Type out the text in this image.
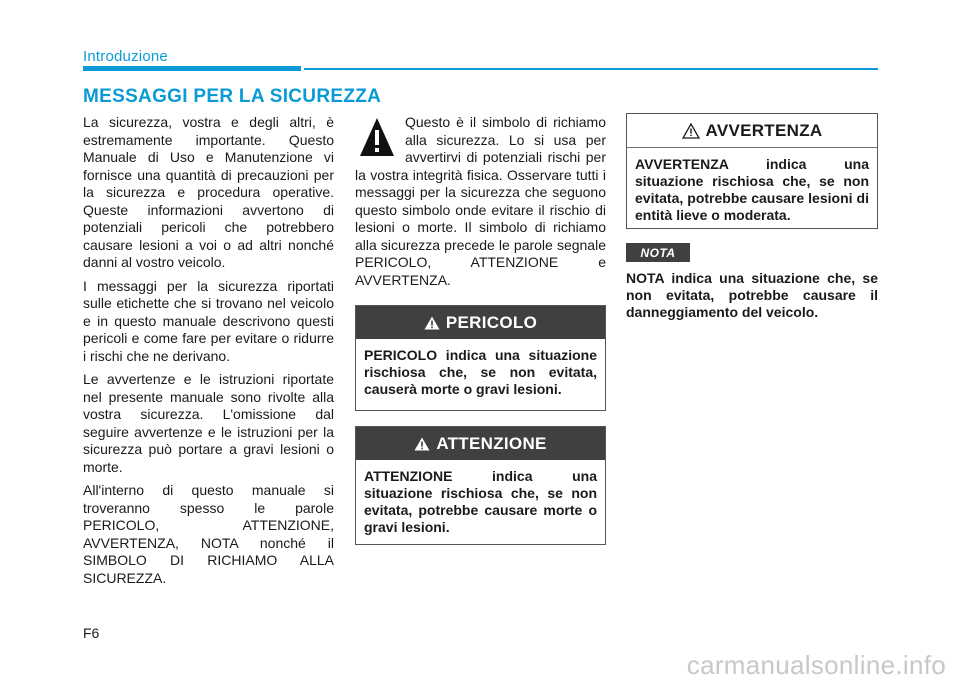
Introduzione
MESSAGGI PER LA SICUREZZA

La sicurezza, vostra e degli altri, è estremamente importante. Questo Manuale di Uso e Manutenzione vi fornisce una quantità di precauzioni per la sicurezza e procedura operative. Queste informazioni avvertono di potenziali pericoli che potrebbero causare lesioni a voi o ad altri nonché danni al vostro veicolo.

I messaggi per la sicurezza riportati sulle etichette che si trovano nel veicolo e in questo manuale descrivono questi pericoli e come fare per evitare o ridurre i rischi che ne derivano.

Le avvertenze e le istruzioni riportate nel presente manuale sono rivolte alla vostra sicurezza. L'omissione dal seguire avvertenze e le istruzioni per la sicurezza può portare a gravi lesioni o morte.

All'interno di questo manuale si troveranno spesso le parole PERICOLO, ATTENZIONE, AVVERTENZA, NOTA nonché il SIMBOLO DI RICHIAMO ALLA SICUREZZA.

Questo è il simbolo di richiamo alla sicurezza. Lo si usa per avvertirvi di potenziali rischi per la vostra integrità fisica. Osservare tutti i messaggi per la sicurezza che seguono questo simbolo onde evitare il rischio di lesioni o morte. Il simbolo di richiamo alla sicurezza precede le parole segnale PERICOLO, ATTENZIONE e AVVERTENZA.

PERICOLO
PERICOLO indica una situazione rischiosa che, se non evitata, causerà morte o gravi lesioni.
ATTENZIONE
ATTENZIONE indica una situazione rischiosa che, se non evitata, potrebbe causare morte o gravi lesioni.
AVVERTENZA
AVVERTENZA indica una situazione rischiosa che, se non evitata, potrebbe causare lesioni di entità lieve o moderata.
NOTA
NOTA indica una situazione che, se non evitata, potrebbe causare il danneggiamento del veicolo.
F6
carmanualsonline.info
